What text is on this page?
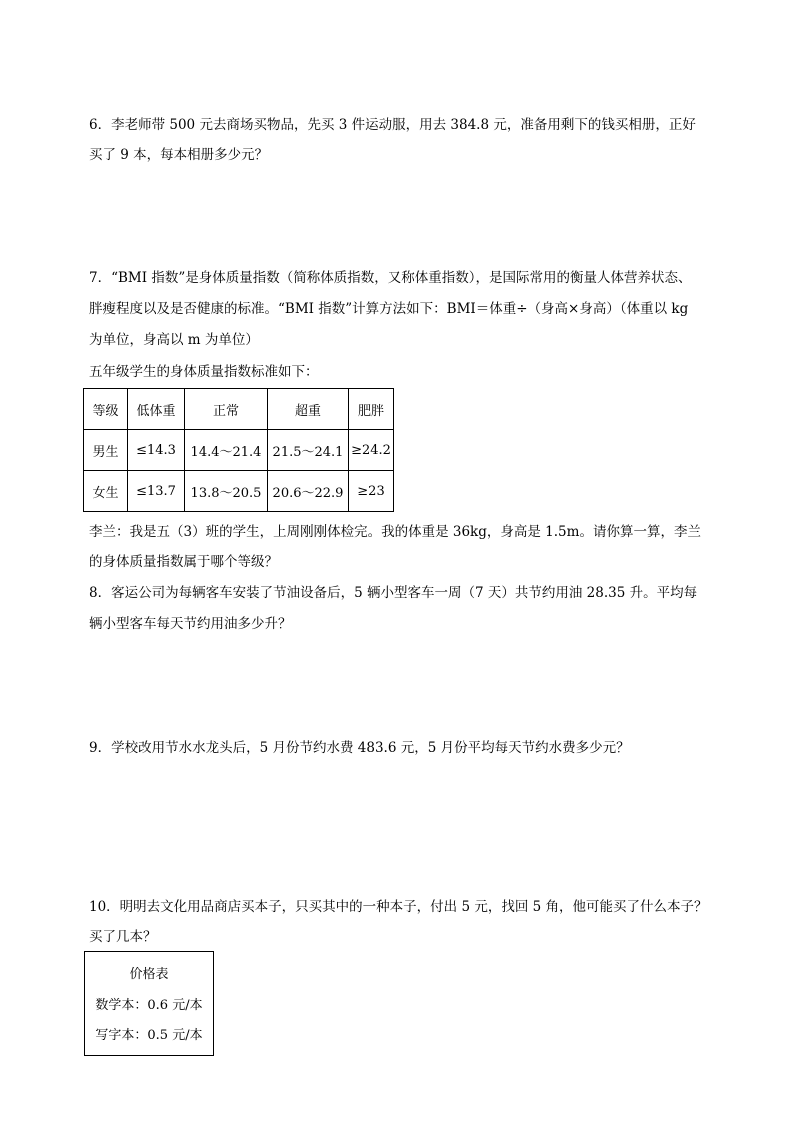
6．李老师带 500 元去商场买物品，先买 3 件运动服，用去 384.8 元，准备用剩下的钱买相册，正好
买了 9 本，每本相册多少元？
7．“BMI 指数”是身体质量指数（简称体质指数，又称体重指数），是国际常用的衡量人体营养状态、
胖瘦程度以及是否健康的标准。“BMI 指数”计算方法如下：BMI＝体重÷（身高×身高）（体重以 kg
为单位，身高以 m 为单位）
五年级学生的身体质量指数标准如下：
等级	低体重	正常	超重	肥胖
男生	≤14.3	14.4～21.4	21.5～24.1	≥24.2
女生	≤13.7	13.8～20.5	20.6～22.9	≥23
李兰：我是五（3）班的学生，上周刚刚体检完。我的体重是 36kg，身高是 1.5m。请你算一算，李兰
的身体质量指数属于哪个等级？
8．客运公司为每辆客车安装了节油设备后，5 辆小型客车一周（7 天）共节约用油 28.35 升。平均每
辆小型客车每天节约用油多少升？
9．学校改用节水水龙头后，5 月份节约水费 483.6 元，5 月份平均每天节约水费多少元？
10．明明去文化用品商店买本子，只买其中的一种本子，付出 5 元，找回 5 角，他可能买了什么本子？
买了几本？
价格表
数学本：0.6 元/本
写字本：0.5 元/本
